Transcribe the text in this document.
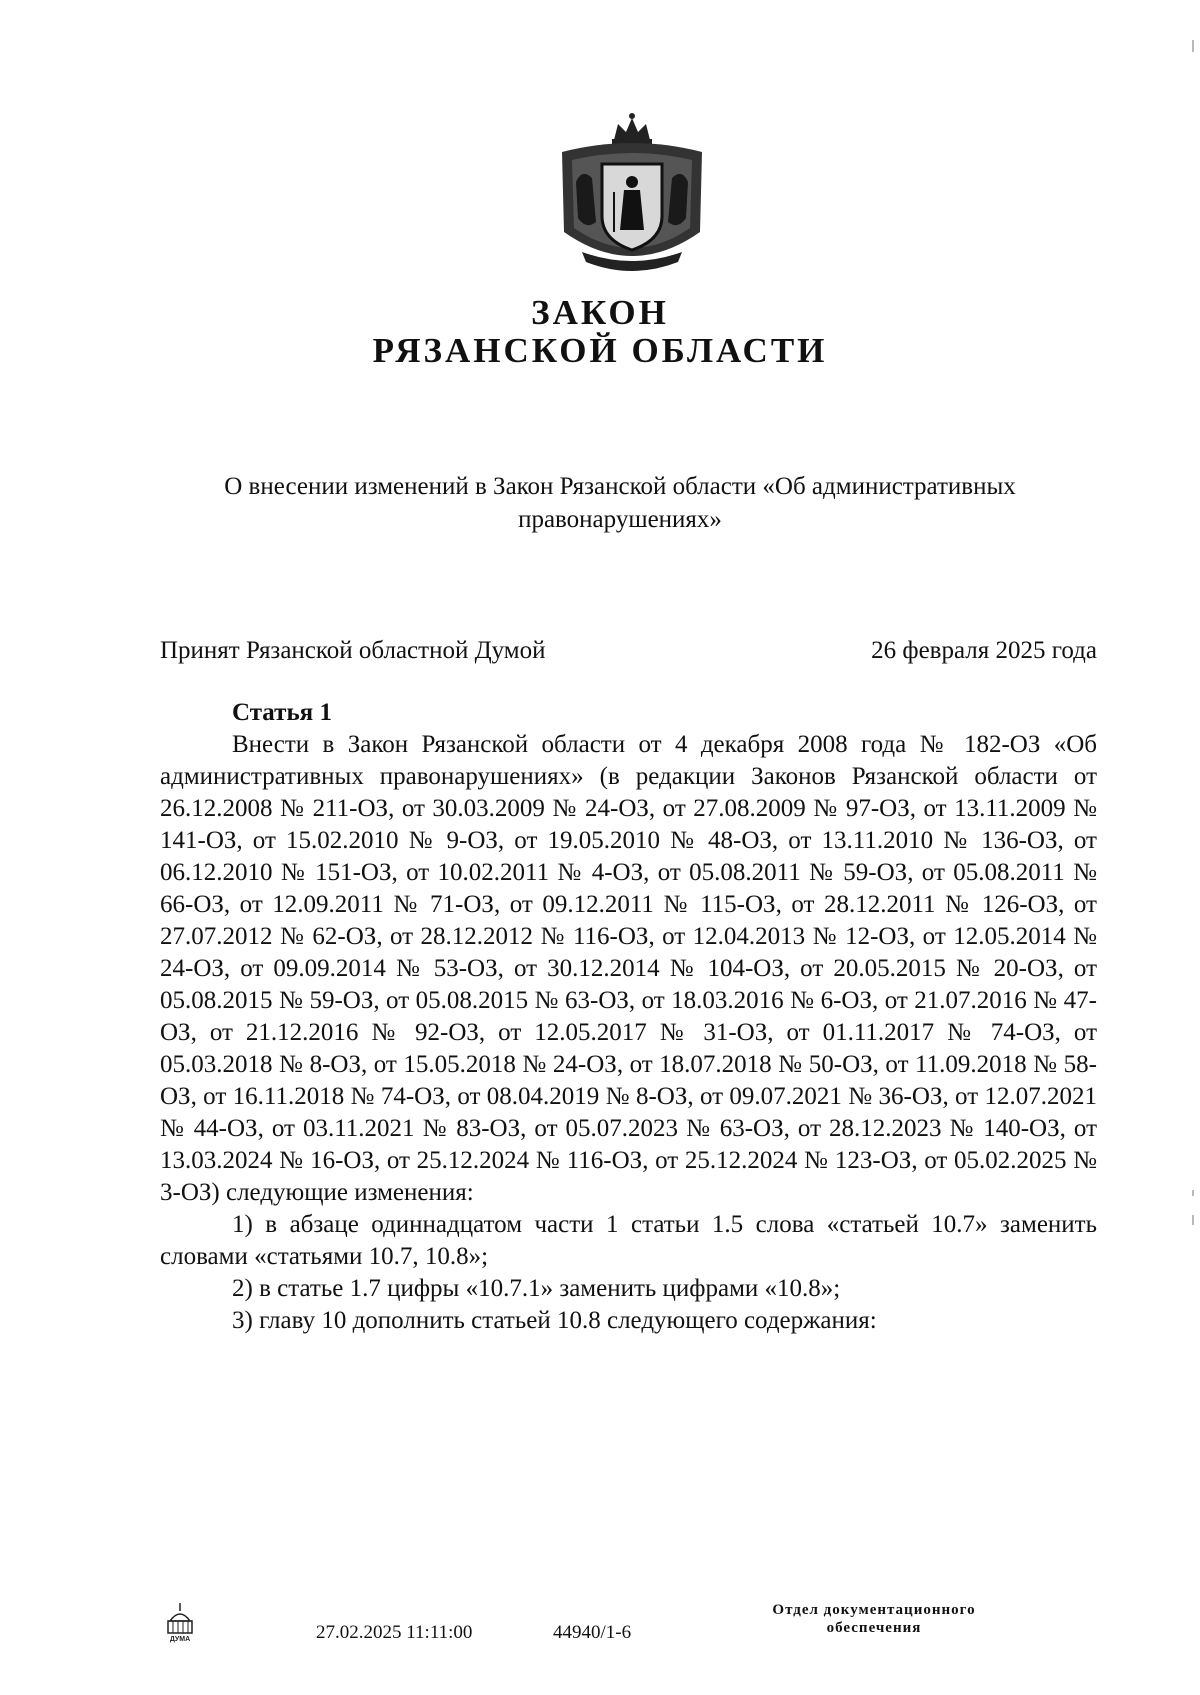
ЗАКОН
РЯЗАНСКОЙ ОБЛАСТИ
О внесении изменений в Закон Рязанской области «Об административных правонарушениях»
Принят Рязанской областной Думой	26 февраля 2025 года
Статья 1

Внести в Закон Рязанской области от 4 декабря 2008 года № 182-ОЗ «Об административных правонарушениях» (в редакции Законов Рязанской области от 26.12.2008 № 211-ОЗ, от 30.03.2009 № 24-ОЗ, от 27.08.2009 № 97-ОЗ, от 13.11.2009 № 141-ОЗ, от 15.02.2010 № 9-ОЗ, от 19.05.2010 № 48-ОЗ, от 13.11.2010 № 136-ОЗ, от 06.12.2010 № 151-ОЗ, от 10.02.2011 № 4-ОЗ, от 05.08.2011 № 59-ОЗ, от 05.08.2011 № 66-ОЗ, от 12.09.2011 № 71-ОЗ, от 09.12.2011 № 115-ОЗ, от 28.12.2011 № 126-ОЗ, от 27.07.2012 № 62-ОЗ, от 28.12.2012 № 116-ОЗ, от 12.04.2013 № 12-ОЗ, от 12.05.2014 № 24-ОЗ, от 09.09.2014 № 53-ОЗ, от 30.12.2014 № 104-ОЗ, от 20.05.2015 № 20-ОЗ, от 05.08.2015 № 59-ОЗ, от 05.08.2015 № 63-ОЗ, от 18.03.2016 № 6-ОЗ, от 21.07.2016 № 47-ОЗ, от 21.12.2016 № 92-ОЗ, от 12.05.2017 № 31-ОЗ, от 01.11.2017 № 74-ОЗ, от 05.03.2018 № 8-ОЗ, от 15.05.2018 № 24-ОЗ, от 18.07.2018 № 50-ОЗ, от 11.09.2018 № 58-ОЗ, от 16.11.2018 № 74-ОЗ, от 08.04.2019 № 8-ОЗ, от 09.07.2021 № 36-ОЗ, от 12.07.2021 № 44-ОЗ, от 03.11.2021 № 83-ОЗ, от 05.07.2023 № 63-ОЗ, от 28.12.2023 № 140-ОЗ, от 13.03.2024 № 16-ОЗ, от 25.12.2024 № 116-ОЗ, от 25.12.2024 № 123-ОЗ, от 05.02.2025 № 3-ОЗ) следующие изменения:

1) в абзаце одиннадцатом части 1 статьи 1.5 слова «статьей 10.7» заменить словами «статьями 10.7, 10.8»;

2) в статье 1.7 цифры «10.7.1» заменить цифрами «10.8»;

3) главу 10 дополнить статьей 10.8 следующего содержания:

ДУМА	27.02.2025 11:11:00	44940/1-6
Отдел документационного
обеспечения
